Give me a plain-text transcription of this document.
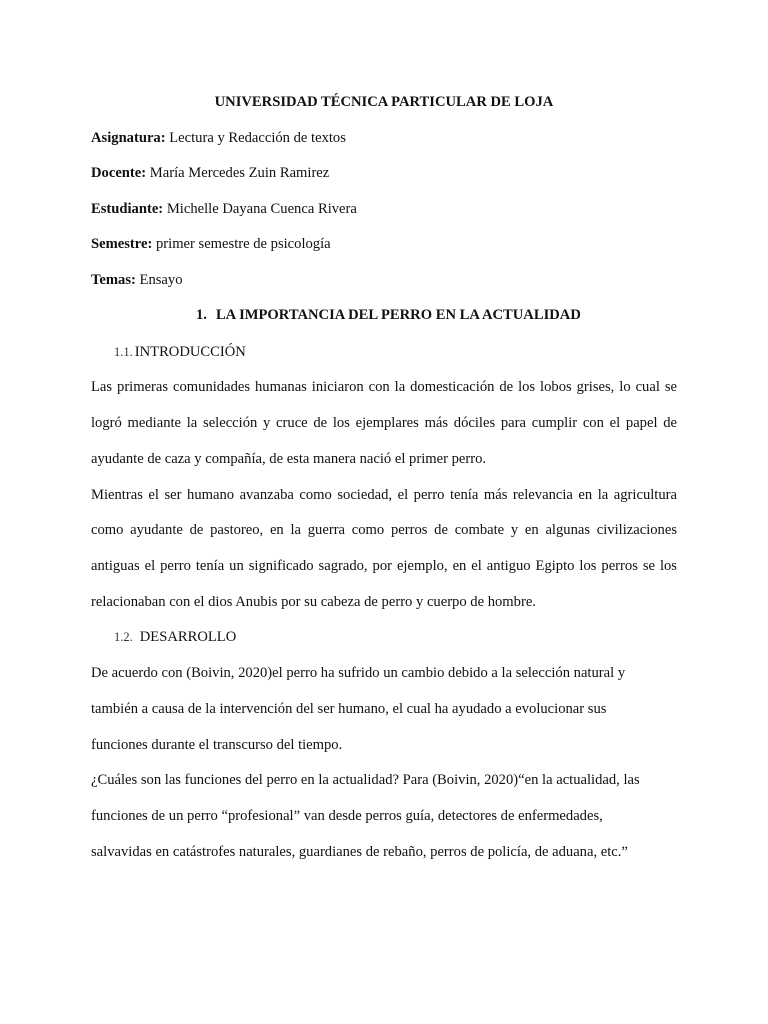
UNIVERSIDAD TÉCNICA PARTICULAR DE LOJA
Asignatura: Lectura y Redacción de textos
Docente: María Mercedes Zuin Ramirez
Estudiante: Michelle Dayana Cuenca Rivera
Semestre: primer semestre de psicología
Temas: Ensayo
1. LA IMPORTANCIA DEL PERRO EN LA ACTUALIDAD
1.1. INTRODUCCIÓN
Las primeras comunidades humanas iniciaron con la domesticación de los lobos grises, lo cual se
logró mediante la selección y cruce de los ejemplares más dóciles para cumplir con el papel de
ayudante de caza y compañía, de esta manera nació el primer perro.
Mientras el ser humano avanzaba como sociedad, el perro tenía más relevancia en la agricultura
como ayudante de pastoreo, en la guerra como perros de combate y en algunas civilizaciones
antiguas el perro tenía un significado sagrado, por ejemplo, en el antiguo Egipto los perros se los
relacionaban con el dios Anubis por su cabeza de perro y cuerpo de hombre.
1.2. DESARROLLO
De acuerdo con (Boivin, 2020)el perro ha sufrido un cambio debido a la selección natural y
también a causa de la intervención del ser humano, el cual ha ayudado a evolucionar sus
funciones durante el transcurso del tiempo.
¿Cuáles son las funciones del perro en la actualidad? Para (Boivin, 2020)“en la actualidad, las
funciones de un perro “profesional” van desde perros guía, detectores de enfermedades,
salvavidas en catástrofes naturales, guardianes de rebaño, perros de policía, de aduana, etc.”
